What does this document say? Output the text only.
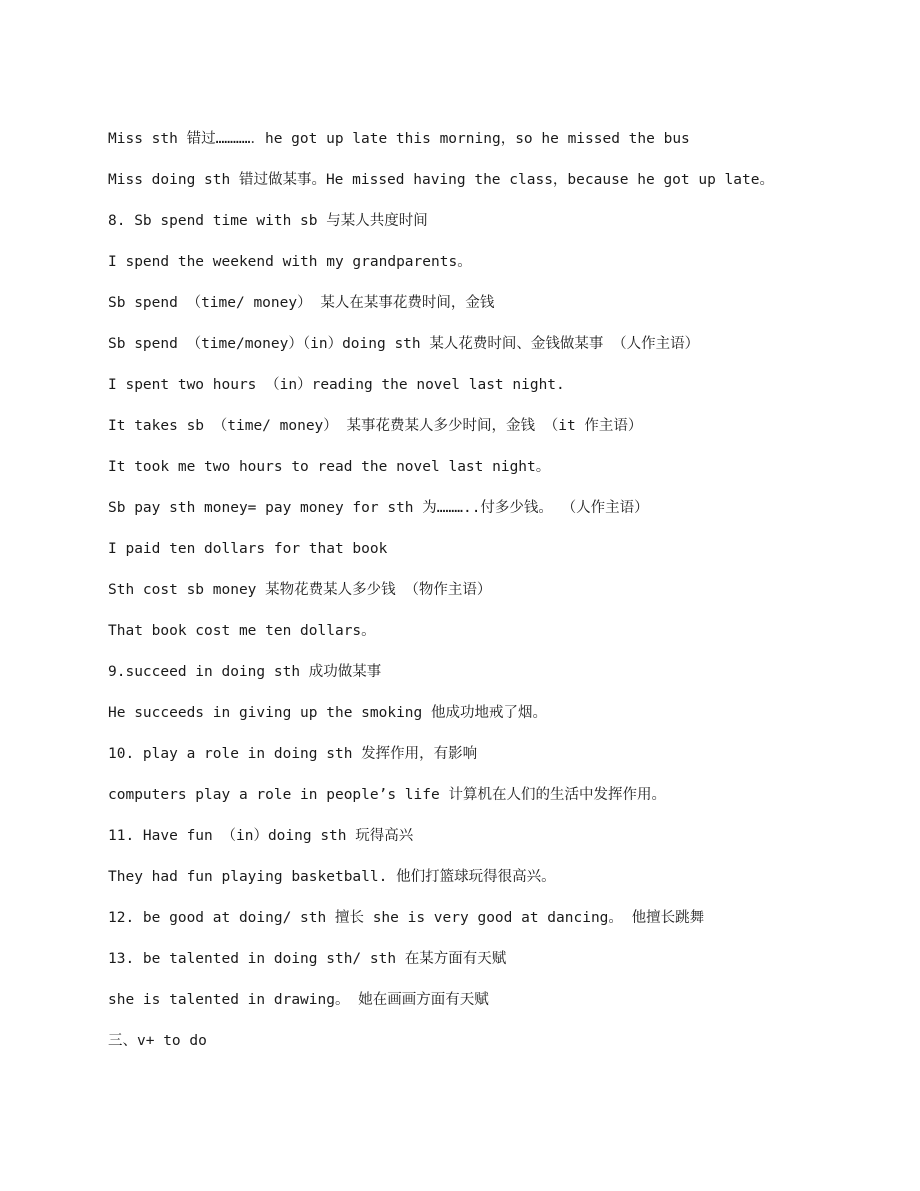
Miss sth 错过…………．he got up late this morning，so he missed the bus
Miss doing sth 错过做某事。He missed having the class，because he got up late。
8. Sb spend time with sb 与某人共度时间
I spend the weekend with my grandparents。
Sb spend （time/ money） 某人在某事花费时间，金钱
Sb spend （time/money）（in）doing sth 某人花费时间、金钱做某事 （人作主语）
I spent two hours （in）reading the novel last night.
It takes sb （time/ money） 某事花费某人多少时间，金钱 （it 作主语）
It took me two hours to read the novel last night。
Sb pay sth money= pay money for sth 为………..付多少钱。 （人作主语）
I paid ten dollars for that book
Sth cost sb money 某物花费某人多少钱 （物作主语）
That book cost me ten dollars。
9.succeed in doing sth 成功做某事
He succeeds in giving up the smoking 他成功地戒了烟。
10. play a role in doing sth 发挥作用，有影响
computers play a role in people’s life 计算机在人们的生活中发挥作用。
11. Have fun （in）doing sth 玩得高兴
They had fun playing basketball. 他们打篮球玩得很高兴。
12. be good at doing/ sth 擅长 she is very good at dancing。 他擅长跳舞
13. be talented in doing sth/ sth 在某方面有天赋
she is talented in drawing。 她在画画方面有天赋
三、v+ to do
